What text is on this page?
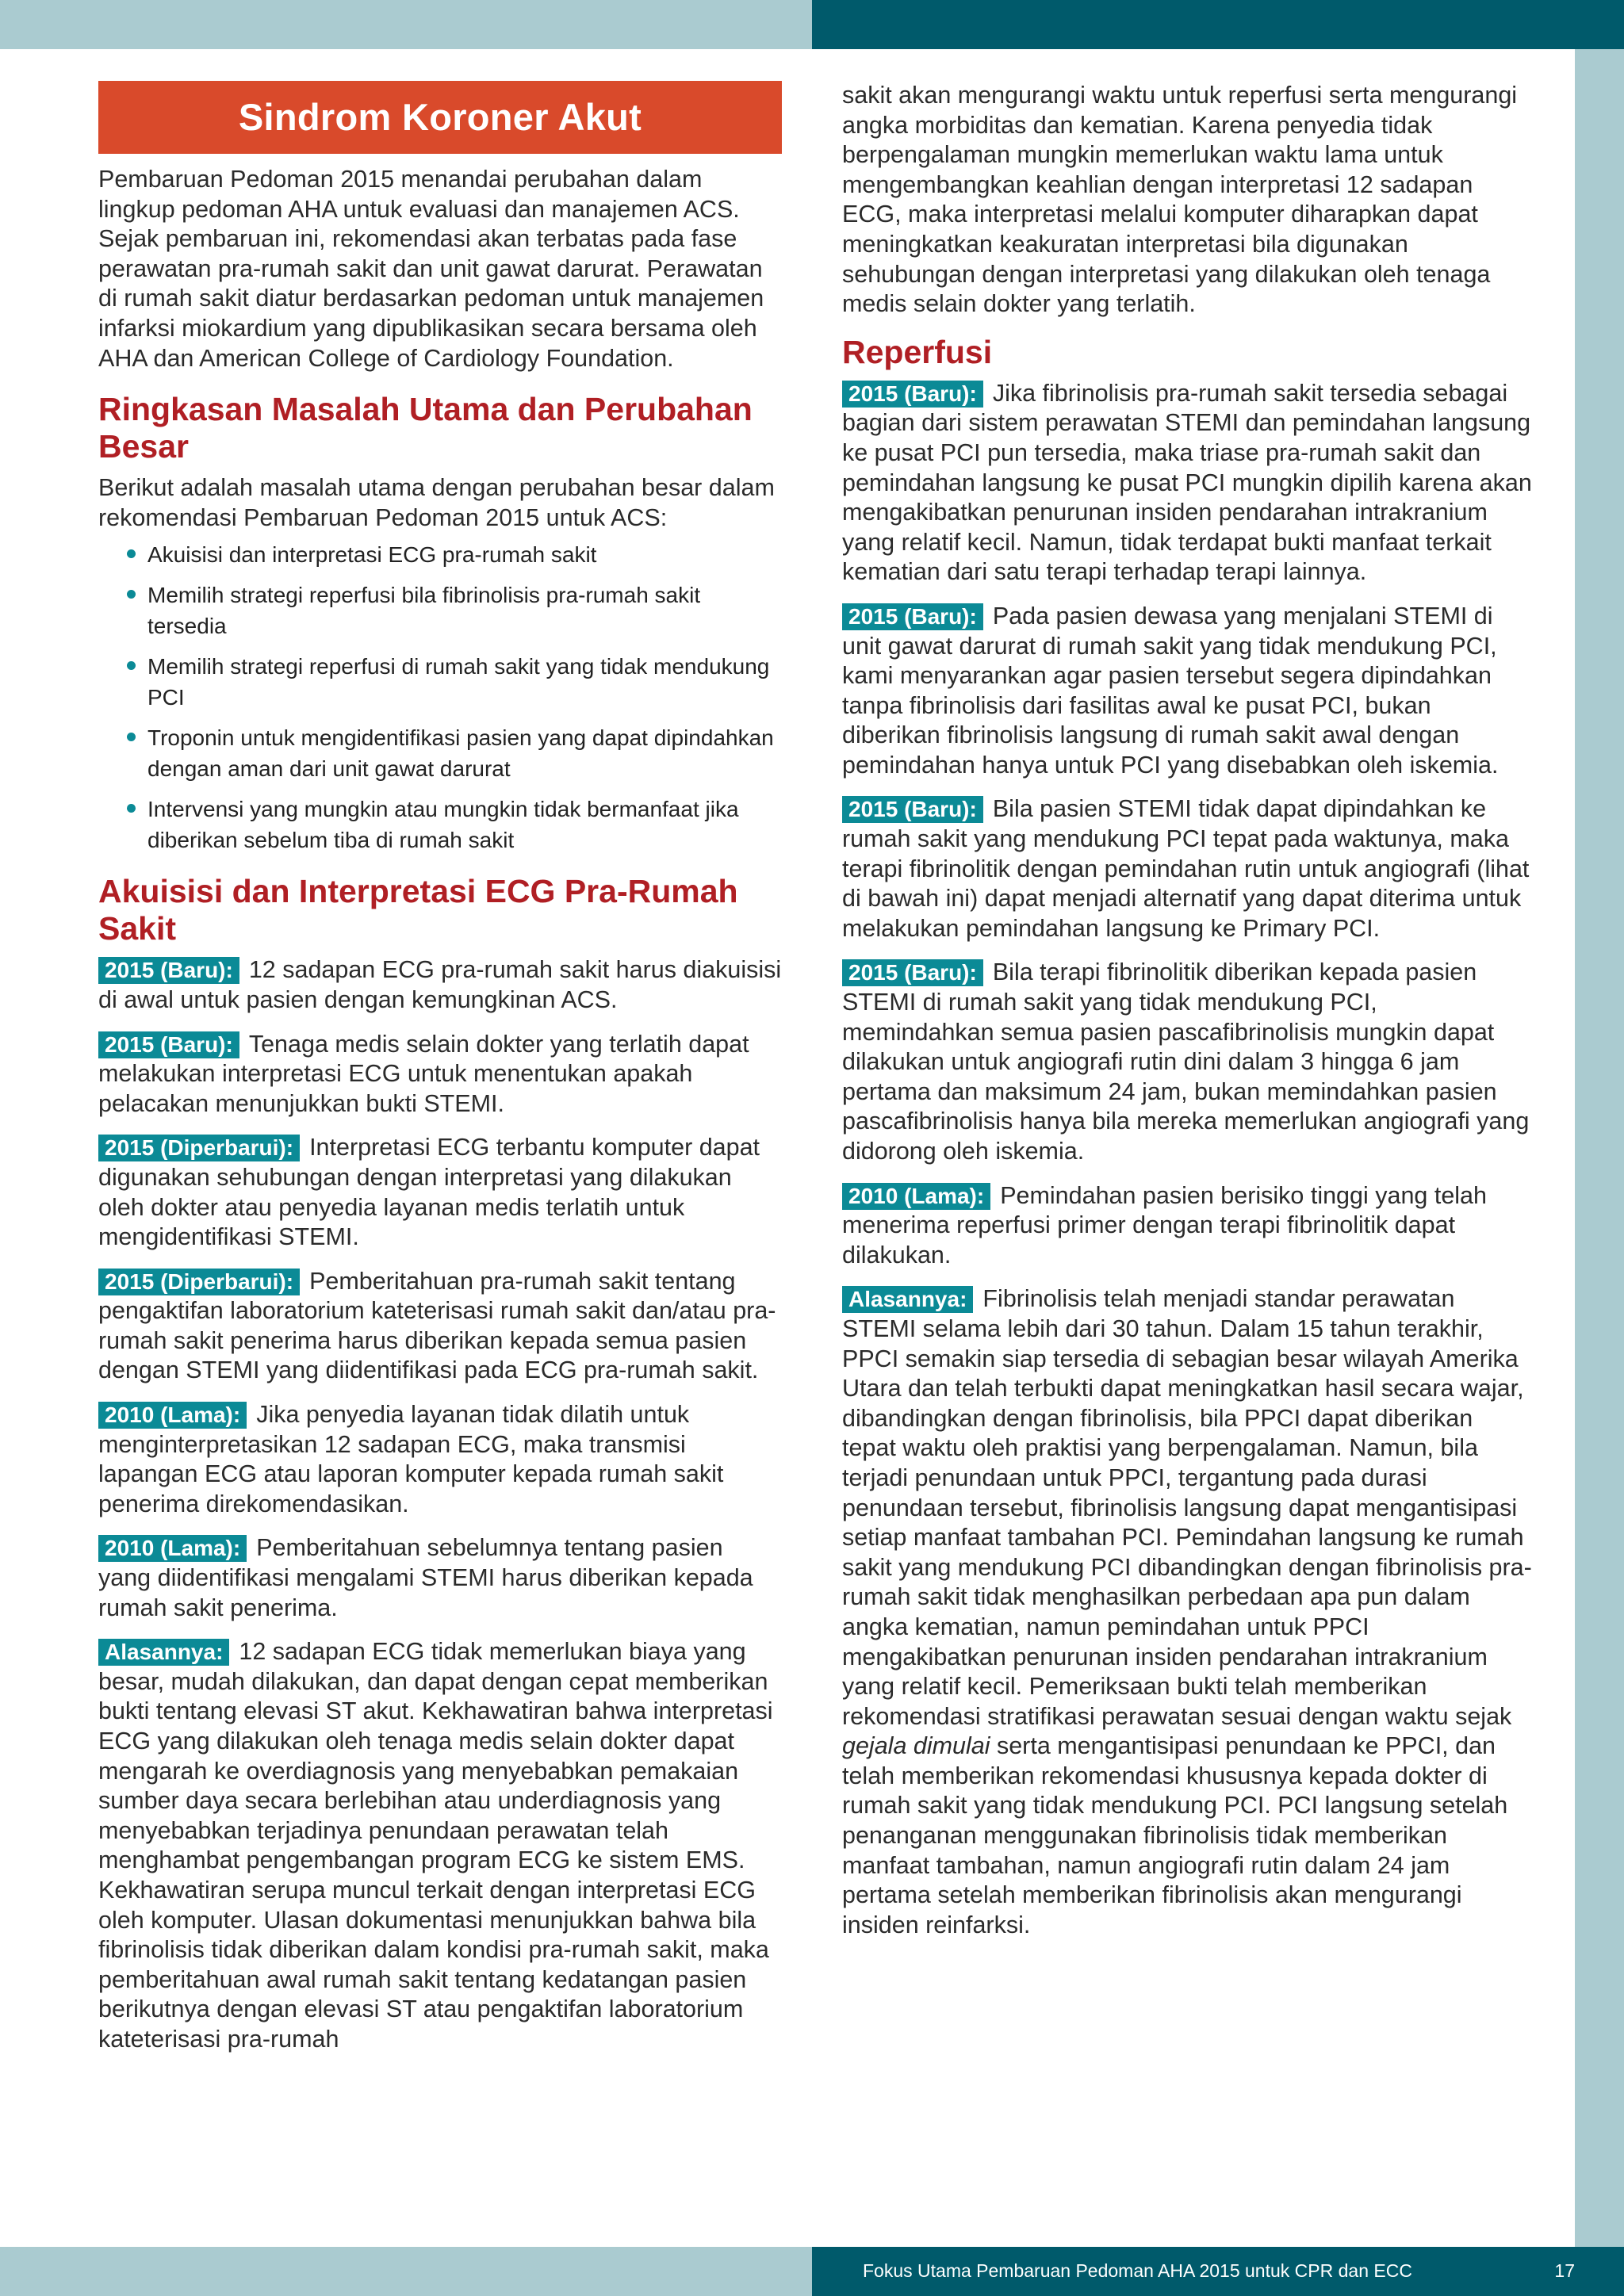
Sindrom Koroner Akut

Pembaruan Pedoman 2015 menandai perubahan dalam lingkup pedoman AHA untuk evaluasi dan manajemen ACS. Sejak pembaruan ini, rekomendasi akan terbatas pada fase perawatan pra-rumah sakit dan unit gawat darurat. Perawatan di rumah sakit diatur berdasarkan pedoman untuk manajemen infarksi miokardium yang dipublikasikan secara bersama oleh AHA dan American College of Cardiology Foundation.

Ringkasan Masalah Utama dan Perubahan Besar

Berikut adalah masalah utama dengan perubahan besar dalam rekomendasi Pembaruan Pedoman 2015 untuk ACS:

Akuisisi dan interpretasi ECG pra-rumah sakit
Memilih strategi reperfusi bila fibrinolisis pra-rumah sakit tersedia
Memilih strategi reperfusi di rumah sakit yang tidak mendukung PCI
Troponin untuk mengidentifikasi pasien yang dapat dipindahkan dengan aman dari unit gawat darurat
Intervensi yang mungkin atau mungkin tidak bermanfaat jika diberikan sebelum tiba di rumah sakit
Akuisisi dan Interpretasi ECG Pra-Rumah Sakit

2015 (Baru): 12 sadapan ECG pra-rumah sakit harus diakuisisi di awal untuk pasien dengan kemungkinan ACS.

2015 (Baru): Tenaga medis selain dokter yang terlatih dapat melakukan interpretasi ECG untuk menentukan apakah pelacakan menunjukkan bukti STEMI.

2015 (Diperbarui): Interpretasi ECG terbantu komputer dapat digunakan sehubungan dengan interpretasi yang dilakukan oleh dokter atau penyedia layanan medis terlatih untuk mengidentifikasi STEMI.

2015 (Diperbarui): Pemberitahuan pra-rumah sakit tentang pengaktifan laboratorium kateterisasi rumah sakit dan/atau pra-rumah sakit penerima harus diberikan kepada semua pasien dengan STEMI yang diidentifikasi pada ECG pra-rumah sakit.

2010 (Lama): Jika penyedia layanan tidak dilatih untuk menginterpretasikan 12 sadapan ECG, maka transmisi lapangan ECG atau laporan komputer kepada rumah sakit penerima direkomendasikan.

2010 (Lama): Pemberitahuan sebelumnya tentang pasien yang diidentifikasi mengalami STEMI harus diberikan kepada rumah sakit penerima.

Alasannya: 12 sadapan ECG tidak memerlukan biaya yang besar, mudah dilakukan, dan dapat dengan cepat memberikan bukti tentang elevasi ST akut. Kekhawatiran bahwa interpretasi ECG yang dilakukan oleh tenaga medis selain dokter dapat mengarah ke overdiagnosis yang menyebabkan pemakaian sumber daya secara berlebihan atau underdiagnosis yang menyebabkan terjadinya penundaan perawatan telah menghambat pengembangan program ECG ke sistem EMS. Kekhawatiran serupa muncul terkait dengan interpretasi ECG oleh komputer. Ulasan dokumentasi menunjukkan bahwa bila fibrinolisis tidak diberikan dalam kondisi pra-rumah sakit, maka pemberitahuan awal rumah sakit tentang kedatangan pasien berikutnya dengan elevasi ST atau pengaktifan laboratorium kateterisasi pra-rumah

sakit akan mengurangi waktu untuk reperfusi serta mengurangi angka morbiditas dan kematian. Karena penyedia tidak berpengalaman mungkin memerlukan waktu lama untuk mengembangkan keahlian dengan interpretasi 12 sadapan ECG, maka interpretasi melalui komputer diharapkan dapat meningkatkan keakuratan interpretasi bila digunakan sehubungan dengan interpretasi yang dilakukan oleh tenaga medis selain dokter yang terlatih.

Reperfusi

2015 (Baru): Jika fibrinolisis pra-rumah sakit tersedia sebagai bagian dari sistem perawatan STEMI dan pemindahan langsung ke pusat PCI pun tersedia, maka triase pra-rumah sakit dan pemindahan langsung ke pusat PCI mungkin dipilih karena akan mengakibatkan penurunan insiden pendarahan intrakranium yang relatif kecil. Namun, tidak terdapat bukti manfaat terkait kematian dari satu terapi terhadap terapi lainnya.

2015 (Baru): Pada pasien dewasa yang menjalani STEMI di unit gawat darurat di rumah sakit yang tidak mendukung PCI, kami menyarankan agar pasien tersebut segera dipindahkan tanpa fibrinolisis dari fasilitas awal ke pusat PCI, bukan diberikan fibrinolisis langsung di rumah sakit awal dengan pemindahan hanya untuk PCI yang disebabkan oleh iskemia.

2015 (Baru): Bila pasien STEMI tidak dapat dipindahkan ke rumah sakit yang mendukung PCI tepat pada waktunya, maka terapi fibrinolitik dengan pemindahan rutin untuk angiografi (lihat di bawah ini) dapat menjadi alternatif yang dapat diterima untuk melakukan pemindahan langsung ke Primary PCI.

2015 (Baru): Bila terapi fibrinolitik diberikan kepada pasien STEMI di rumah sakit yang tidak mendukung PCI, memindahkan semua pasien pascafibrinolisis mungkin dapat dilakukan untuk angiografi rutin dini dalam 3 hingga 6 jam pertama dan maksimum 24 jam, bukan memindahkan pasien pascafibrinolisis hanya bila mereka memerlukan angiografi yang didorong oleh iskemia.

2010 (Lama): Pemindahan pasien berisiko tinggi yang telah menerima reperfusi primer dengan terapi fibrinolitik dapat dilakukan.

Alasannya: Fibrinolisis telah menjadi standar perawatan STEMI selama lebih dari 30 tahun. Dalam 15 tahun terakhir, PPCI semakin siap tersedia di sebagian besar wilayah Amerika Utara dan telah terbukti dapat meningkatkan hasil secara wajar, dibandingkan dengan fibrinolisis, bila PPCI dapat diberikan tepat waktu oleh praktisi yang berpengalaman. Namun, bila terjadi penundaan untuk PPCI, tergantung pada durasi penundaan tersebut, fibrinolisis langsung dapat mengantisipasi setiap manfaat tambahan PCI. Pemindahan langsung ke rumah sakit yang mendukung PCI dibandingkan dengan fibrinolisis pra-rumah sakit tidak menghasilkan perbedaan apa pun dalam angka kematian, namun pemindahan untuk PPCI mengakibatkan penurunan insiden pendarahan intrakranium yang relatif kecil. Pemeriksaan bukti telah memberikan rekomendasi stratifikasi perawatan sesuai dengan waktu sejak gejala dimulai serta mengantisipasi penundaan ke PPCI, dan telah memberikan rekomendasi khususnya kepada dokter di rumah sakit yang tidak mendukung PCI. PCI langsung setelah penanganan menggunakan fibrinolisis tidak memberikan manfaat tambahan, namun angiografi rutin dalam 24 jam pertama setelah memberikan fibrinolisis akan mengurangi insiden reinfarksi.

Fokus Utama Pembaruan Pedoman AHA 2015 untuk CPR dan ECC	17
